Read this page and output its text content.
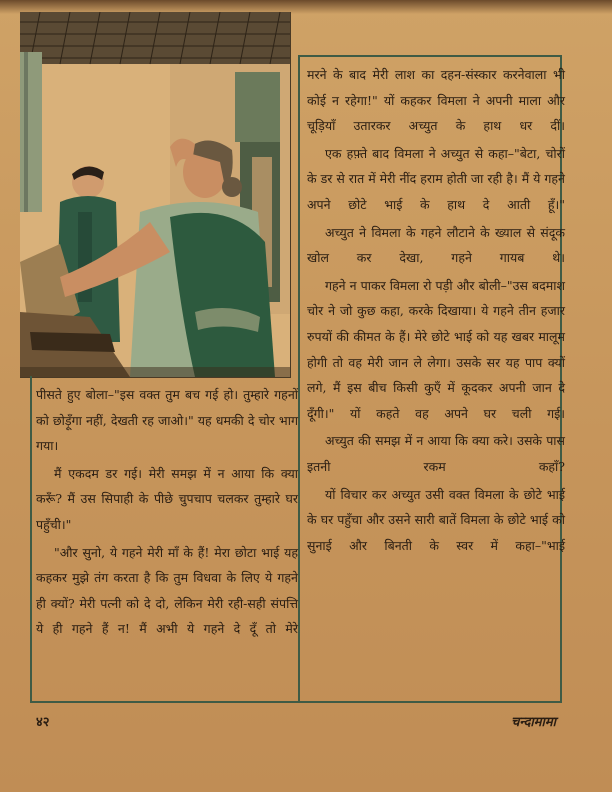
मरने के बाद मेरी लाश का दहन-संस्कार करनेवाला भी कोई न रहेगा!" यों कहकर विमला ने अपनी माला और चूड़ियाँ उतारकर अच्युत के हाथ धर दीं।

एक हफ़्ते बाद विमला ने अच्युत से कहा–"बेटा, चोरों के डर से रात में मेरी नींद हराम होती जा रही है। मैं ये गहने अपने छोटे भाई के हाथ दे आती हूँ।"

अच्युत ने विमला के गहने लौटाने के ख्याल से संदूक खोल कर देखा, गहने गायब थे।

गहने न पाकर विमला रो पड़ी और बोली–"उस बदमाश चोर ने जो कुछ कहा, करके दिखाया। ये गहने तीन हजार रुपयों की कीमत के हैं। मेरे छोटे भाई को यह खबर मालूम होगी तो वह मेरी जान ले लेगा। उसके सर यह पाप क्यों लगे, मैं इस बीच किसी कुएँ में कूदकर अपनी जान दे दूँगी।" यों कहते वह अपने घर चली गई।

अच्युत की समझ में न आया कि क्या करे। उसके पास इतनी रकम कहाँ?

यों विचार कर अच्युत उसी वक्त विमला के छोटे भाई के घर पहुँचा और उसने सारी बातें विमला के छोटे भाई को सुनाई और बिनती के स्वर में कहा–"भाई

पीसते हुए बोला–"इस वक्त तुम बच गई हो। तुम्हारे गहनों को छोड़ूँगा नहीं, देखती रह जाओ।" यह धमकी दे चोर भाग गया।

मैं एकदम डर गई। मेरी समझ में न आया कि क्या करूँ? मैं उस सिपाही के पीछे चुपचाप चलकर तुम्हारे घर पहुँची।"

"और सुनो, ये गहने मेरी माँ के हैं! मेरा छोटा भाई यह कहकर मुझे तंग करता है कि तुम विधवा के लिए ये गहने ही क्यों? मेरी पत्नी को दे दो, लेकिन मेरी रही-सही संपत्ति ये ही गहने हैं न! मैं अभी ये गहने दे दूँ तो मेरे

४२	चन्दामामा
